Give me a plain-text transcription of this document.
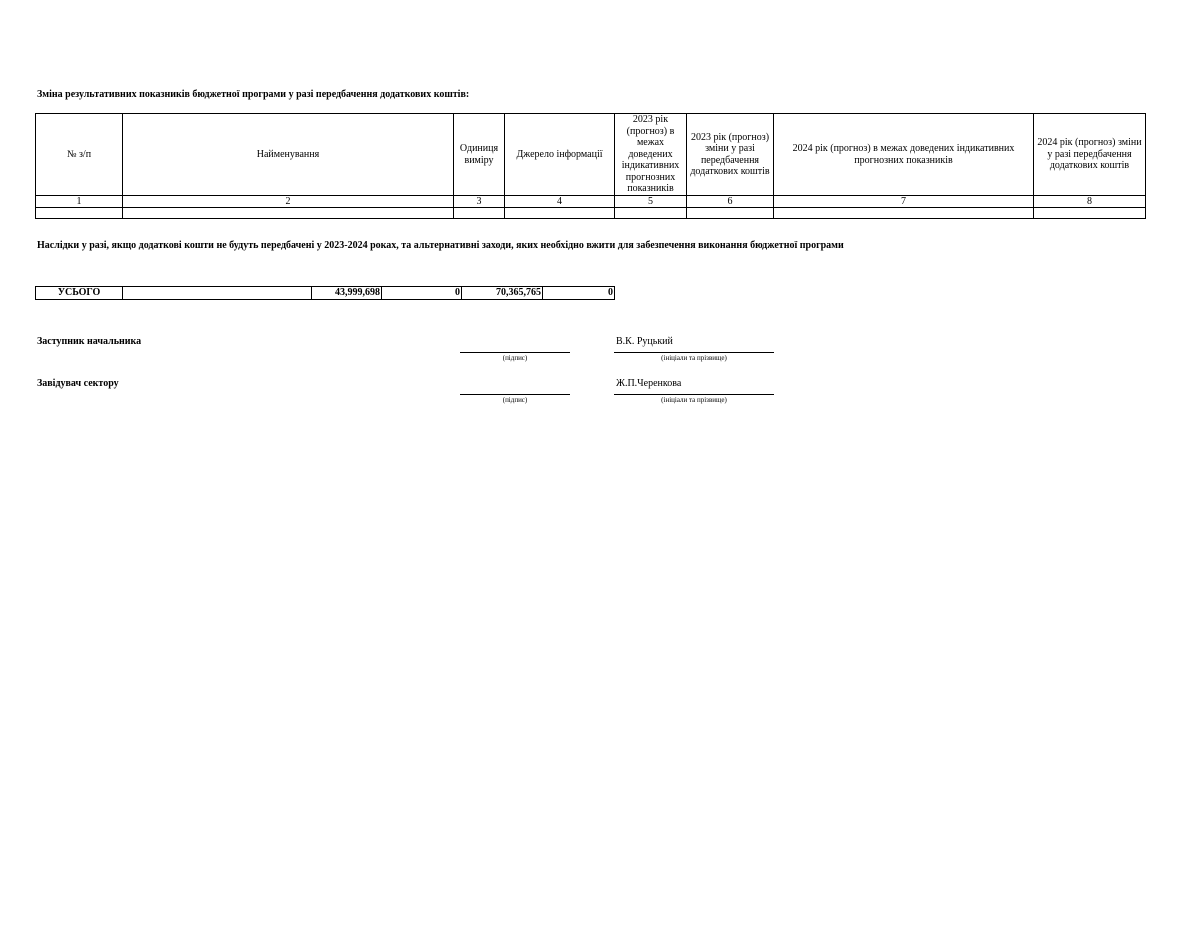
Зміна результативних показників бюджетної програми у разі передбачення додаткових коштів:
№ з/п	Найменування	Одиниця виміру	Джерело інформації	2023 рік (прогноз) в межах доведених індикативних прогнозних показників	2023 рік (прогноз) зміни у разі передбачення додаткових коштів	2024 рік (прогноз) в межах доведених індикативних прогнозних показників	2024 рік (прогноз) зміни у разі передбачення додаткових коштів
1	2	3	4	5	6	7	8

Наслідки у разі, якщо додаткові кошти не будуть передбачені у 2023-2024 роках, та альтернативні заходи, яких необхідно вжити для забезпечення виконання бюджетної програми
УСЬОГО		43,999,698	0	70,365,765	0
Заступник начальника
(підпис)
В.К. Руцький
(ініціали та прізвище)
Завідувач сектору
(підпис)
Ж.П.Черенкова
(ініціали та прізвище)
